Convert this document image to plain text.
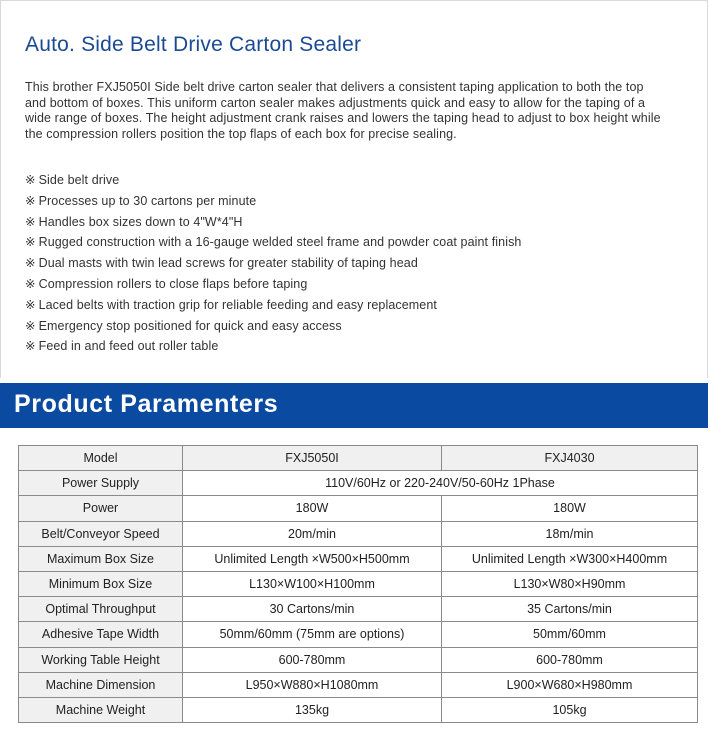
Auto. Side Belt Drive Carton Sealer

This brother FXJ5050I Side belt drive carton sealer that delivers a consistent taping application to both the top and bottom of boxes. This uniform carton sealer makes adjustments quick and easy to allow for the taping of a wide range of boxes. The height adjustment crank raises and lowers the taping head to adjust to box height while the compression rollers position the top flaps of each box for precise sealing.

※ Side belt drive
※ Processes up to 30 cartons per minute
※ Handles box sizes down to 4"W*4"H
※ Rugged construction with a 16-gauge welded steel frame and powder coat paint finish
※ Dual masts with twin lead screws for greater stability of taping head
※ Compression rollers to close flaps before taping
※ Laced belts with traction grip for reliable feeding and easy replacement
※ Emergency stop positioned for quick and easy access
※ Feed in and feed out roller table
Product Paramenters
Model	FXJ5050I	FXJ4030
Power Supply	110V/60Hz or 220-240V/50-60Hz 1Phase	
Power	180W	180W
Belt/Conveyor Speed	20m/min	18m/min
Maximum Box Size	Unlimited Length ×W500×H500mm	Unlimited Length ×W300×H400mm
Minimum Box Size	L130×W100×H100mm	L130×W80×H90mm
Optimal Throughput	30 Cartons/min	35 Cartons/min
Adhesive Tape Width	50mm/60mm (75mm are options)	50mm/60mm
Working Table Height	600-780mm	600-780mm
Machine Dimension	L950×W880×H1080mm	L900×W680×H980mm
Machine Weight	135kg	105kg
